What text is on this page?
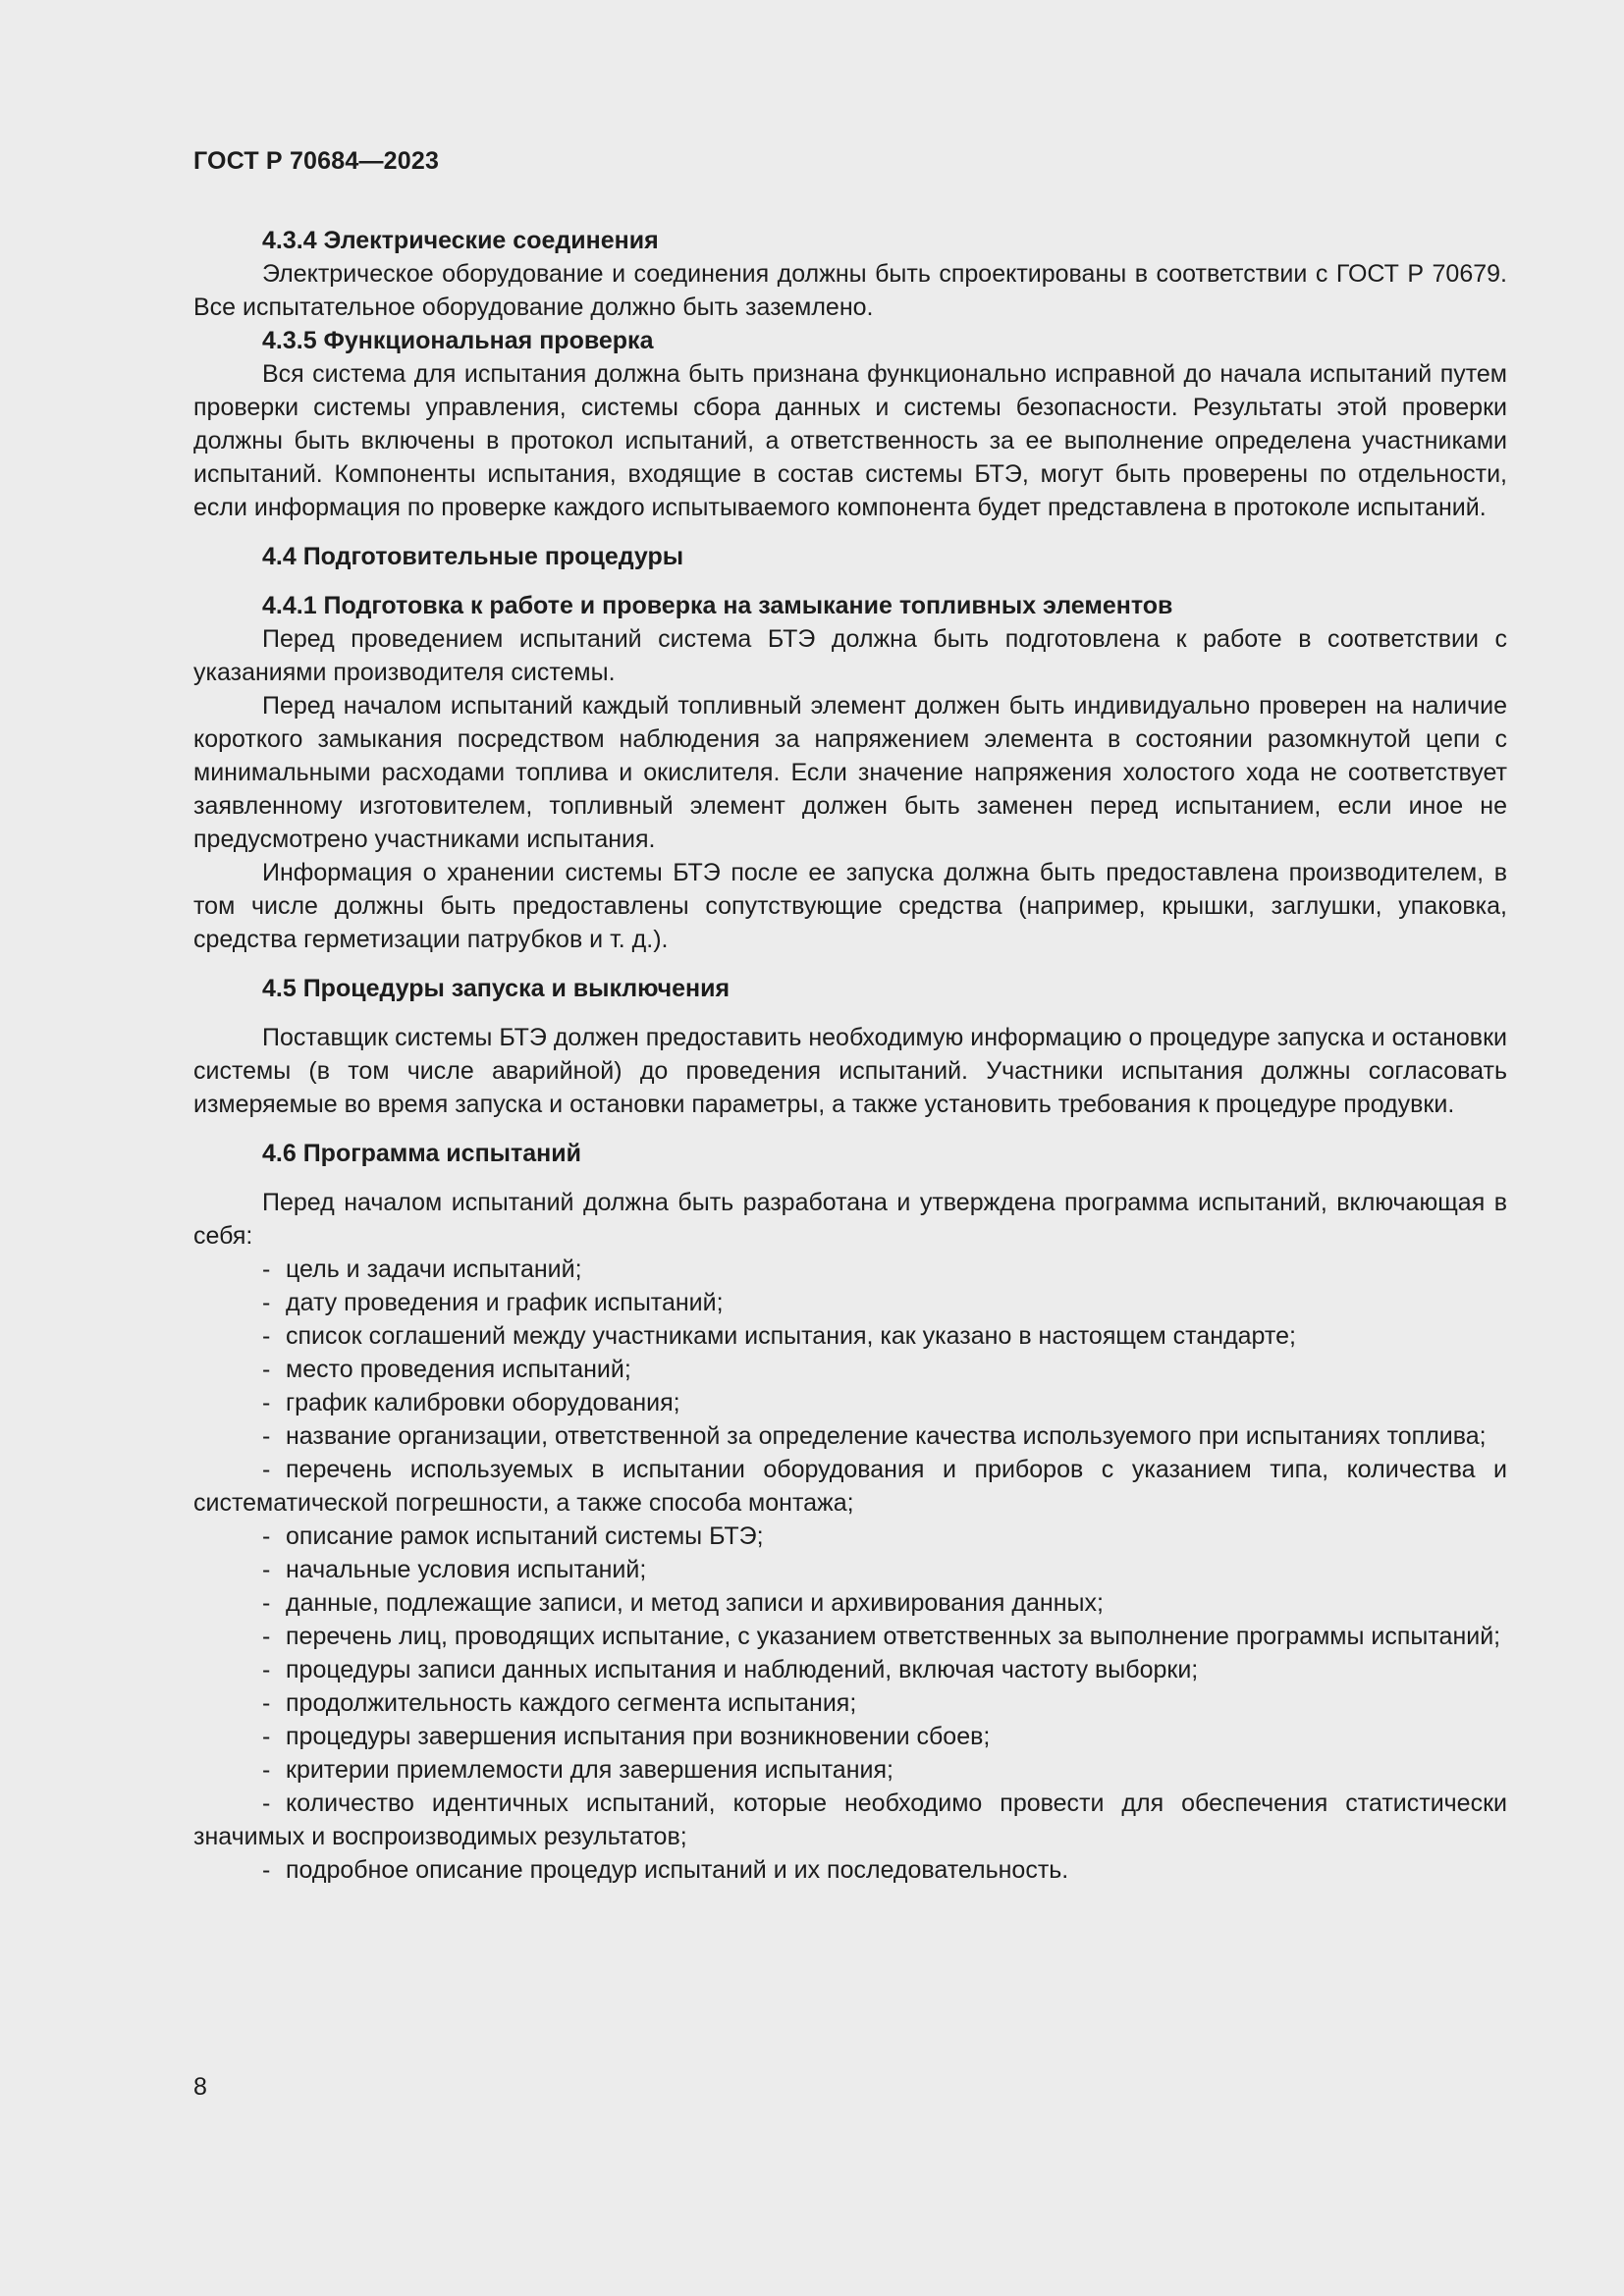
ГОСТ Р 70684—2023

4.3.4 Электрические соединения

Электрическое оборудование и соединения должны быть спроектированы в соответствии с ГОСТ Р 70679. Все испытательное оборудование должно быть заземлено.

4.3.5 Функциональная проверка

Вся система для испытания должна быть признана функционально исправной до начала испытаний путем проверки системы управления, системы сбора данных и системы безопасности. Результаты этой проверки должны быть включены в протокол испытаний, а ответственность за ее выполнение определена участниками испытаний. Компоненты испытания, входящие в состав системы БТЭ, могут быть проверены по отдельности, если информация по проверке каждого испытываемого компонента будет представлена в протоколе испытаний.

4.4 Подготовительные процедуры

4.4.1 Подготовка к работе и проверка на замыкание топливных элементов

Перед проведением испытаний система БТЭ должна быть подготовлена к работе в соответствии с указаниями производителя системы.

Перед началом испытаний каждый топливный элемент должен быть индивидуально проверен на наличие короткого замыкания посредством наблюдения за напряжением элемента в состоянии разомкнутой цепи с минимальными расходами топлива и окислителя. Если значение напряжения холостого хода не соответствует заявленному изготовителем, топливный элемент должен быть заменен перед испытанием, если иное не предусмотрено участниками испытания.

Информация о хранении системы БТЭ после ее запуска должна быть предоставлена производителем, в том числе должны быть предоставлены сопутствующие средства (например, крышки, заглушки, упаковка, средства герметизации патрубков и т. д.).

4.5 Процедуры запуска и выключения

Поставщик системы БТЭ должен предоставить необходимую информацию о процедуре запуска и остановки системы (в том числе аварийной) до проведения испытаний. Участники испытания должны согласовать измеряемые во время запуска и остановки параметры, а также установить требования к процедуре продувки.

4.6 Программа испытаний

Перед началом испытаний должна быть разработана и утверждена программа испытаний, включающая в себя:

- цель и задачи испытаний;
- дату проведения и график испытаний;
- список соглашений между участниками испытания, как указано в настоящем стандарте;
- место проведения испытаний;
- график калибровки оборудования;
- название организации, ответственной за определение качества используемого при испытаниях топлива;
- перечень используемых в испытании оборудования и приборов с указанием типа, количества и систематической погрешности, а также способа монтажа;
- описание рамок испытаний системы БТЭ;
- начальные условия испытаний;
- данные, подлежащие записи, и метод записи и архивирования данных;
- перечень лиц, проводящих испытание, с указанием ответственных за выполнение программы испытаний;
- процедуры записи данных испытания и наблюдений, включая частоту выборки;
- продолжительность каждого сегмента испытания;
- процедуры завершения испытания при возникновении сбоев;
- критерии приемлемости для завершения испытания;
- количество идентичных испытаний, которые необходимо провести для обеспечения статистически значимых и воспроизводимых результатов;
- подробное описание процедур испытаний и их последовательность.
8
